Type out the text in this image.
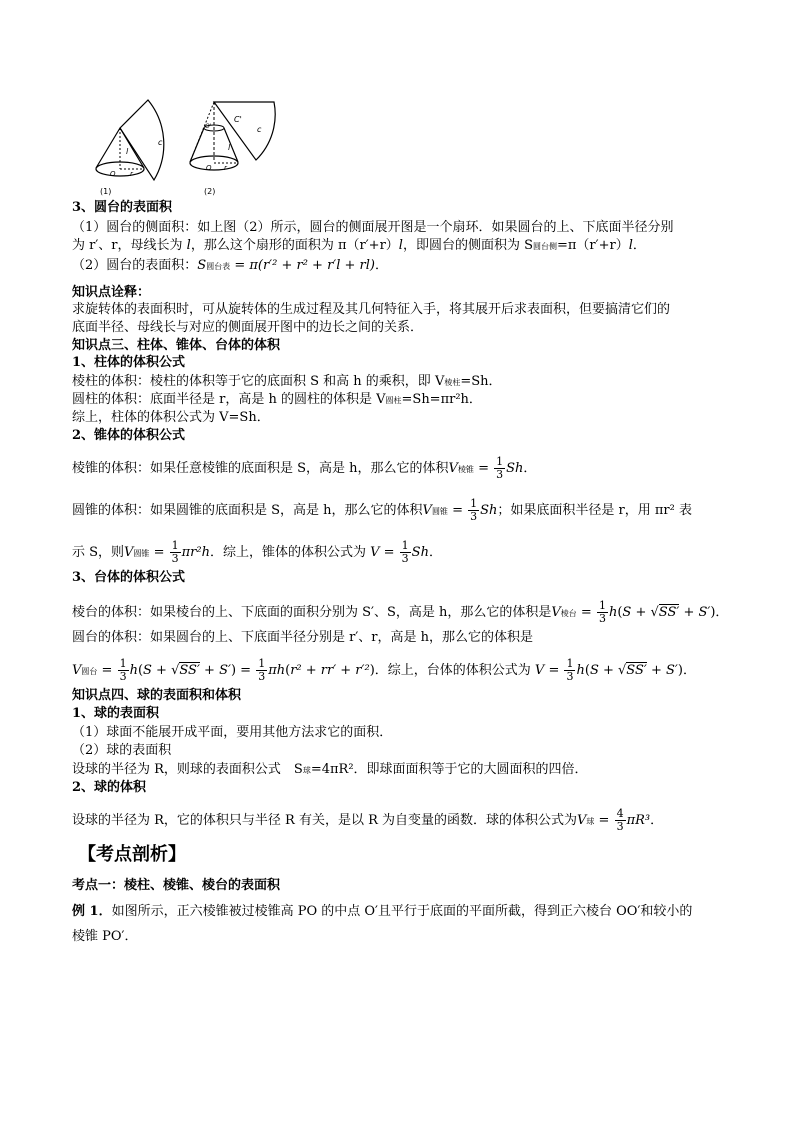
l
c
O r
(1)
C'
c
l
O'
O r
(2)
3、圆台的表面积
（1）圆台的侧面积：如上图（2）所示，圆台的侧面展开图是一个扇环．如果圆台的上、下底面半径分别
为 r′、r，母线长为 l，那么这个扇形的面积为 π（r′+r）l，即圆台的侧面积为 S圆台侧=π（r′+r）l．
（2）圆台的表面积：S圆台表 = π(r′² + r² + r′l + rl)．
知识点诠释：
求旋转体的表面积时，可从旋转体的生成过程及其几何特征入手，将其展开后求表面积，但要搞清它们的
底面半径、母线长与对应的侧面展开图中的边长之间的关系．
知识点三、柱体、锥体、台体的体积
1、柱体的体积公式
棱柱的体积：棱柱的体积等于它的底面积 S 和高 h 的乘积，即 V棱柱=Sh．
圆柱的体积：底面半径是 r，高是 h 的圆柱的体积是 V圆柱=Sh=πr²h．
综上，柱体的体积公式为 V=Sh．
2、锥体的体积公式
棱锥的体积：如果任意棱锥的底面积是 S，高是 h，那么它的体积V棱锥 = $\frac{1}{3}$ Sh．
圆锥的体积：如果圆锥的底面积是 S，高是 h，那么它的体积V圆锥 = $\frac{1}{3}$ Sh；如果底面积半径是 r，用 πr² 表
示 S，则V圆锥 = $\frac{1}{3} \pi r^2h$．综上，锥体的体积公式为 $V = \frac{1}{3}$ Sh．
3、台体的体积公式
棱台的体积：如果棱台的上、下底面的面积分别为 S′、S，高是 h，那么它的体积是V棱台 = $\frac{1}{3} h(S + √SS' + S')$．
圆台的体积：如果圆台的上、下底面半径分别是 r′、r，高是 h，那么它的体积是
V圆台 = $\frac{1}{3} h(S + √SS' + S') = \frac{1}{3} \pi h(r^2 + rr' + r'^2)$．综上，台体的体积公式为 $V = \frac{1}{3} h(S + √SS' + S')$．
知识点四、球的表面积和体积
1、球的表面积
（1）球面不能展开成平面，要用其他方法求它的面积．
（2）球的表面积
设球的半径为 R，则球的表面积公式　S球=4πR²．即球面面积等于它的大圆面积的四倍．
2、球的体积
设球的半径为 R，它的体积只与半径 R 有关，是以 R 为自变量的函数．球的体积公式为V球 = $\frac{4}{3} \pi R^3$．
【考点剖析】
考点一：棱柱、棱锥、棱台的表面积
例 1．如图所示，正六棱锥被过棱锥高 PO 的中点 O′且平行于底面的平面所截，得到正六棱台 OO′和较小的
棱锥 PO′．
